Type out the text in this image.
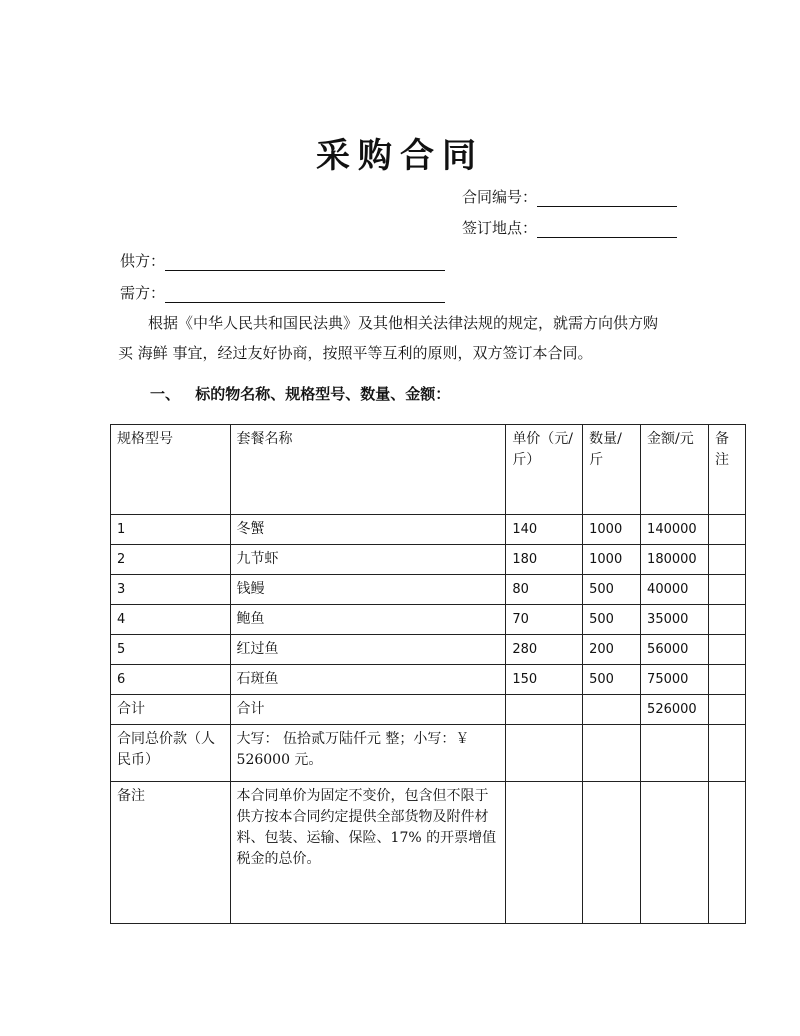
采购合同
合同编号：
签订地点：
供方：
需方：
根据《中华人民共和国民法典》及其他相关法律法规的规定，就需方向供方购
买 海鲜 事宜，经过友好协商，按照平等互利的原则，双方签订本合同。
一、 标的物名称、规格型号、数量、金额：
规格型号	套餐名称	单价（元/斤）	数量/斤	金额/元	备注
1	冬蟹	140	1000	140000	
2	九节虾	180	1000	180000	
3	钱鳗	80	500	40000	
4	鲍鱼	70	500	35000	
5	红过鱼	280	200	56000	
6	石斑鱼	150	500	75000	
合计	合计			526000	
合同总价款（人民币）	大写： 伍拾贰万陆仟元 整；小写：￥ 526000 元。				
备注	本合同单价为固定不变价，包含但不限于供方按本合同约定提供全部货物及附件材料、包装、运输、保险、17% 的开票增值税金的总价。				
